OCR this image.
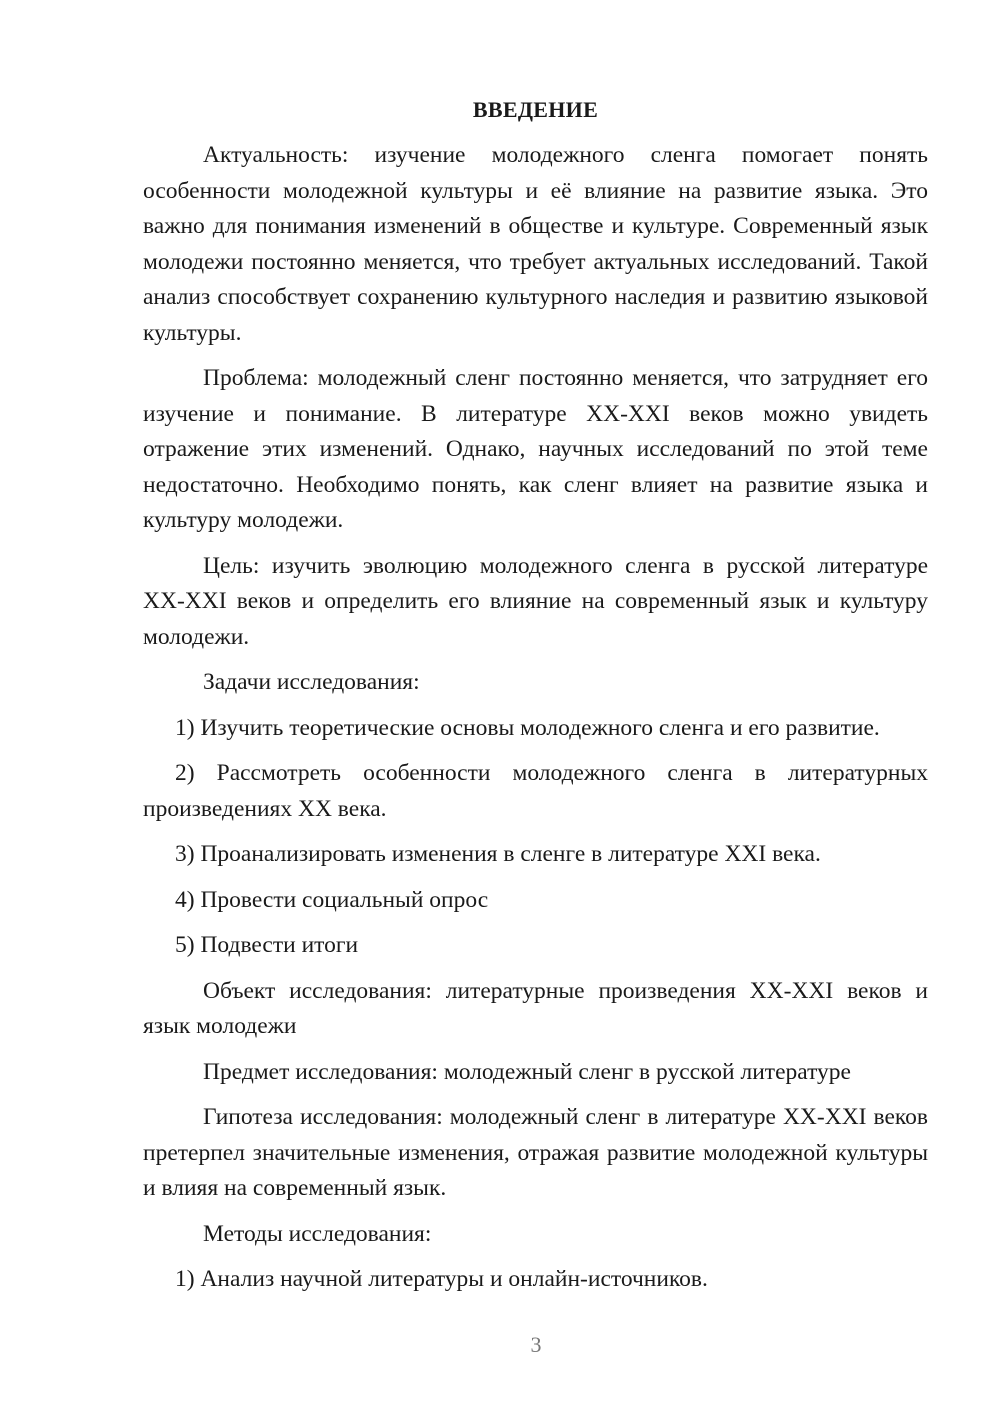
ВВЕДЕНИЕ

Актуальность: изучение молодежного сленга помогает понять особенности молодежной культуры и её влияние на развитие языка. Это важно для понимания изменений в обществе и культуре. Современный язык молодежи постоянно меняется, что требует актуальных исследований. Такой анализ способствует сохранению культурного наследия и развитию языковой культуры.

Проблема: молодежный сленг постоянно меняется, что затрудняет его изучение и понимание. В литературе XX-XXI веков можно увидеть отражение этих изменений. Однако, научных исследований по этой теме недостаточно. Необходимо понять, как сленг влияет на развитие языка и культуру молодежи.

Цель: изучить эволюцию молодежного сленга в русской литературе XX-XXI веков и определить его влияние на современный язык и культуру молодежи.

Задачи исследования:

1) Изучить теоретические основы молодежного сленга и его развитие.

2) Рассмотреть особенности молодежного сленга в литературных произведениях XX века.

3) Проанализировать изменения в сленге в литературе XXI века.

4) Провести социальный опрос

5) Подвести итоги

Объект исследования: литературные произведения XX-XXI веков и язык молодежи

Предмет исследования: молодежный сленг в русской литературе

Гипотеза исследования: молодежный сленг в литературе XX-XXI веков претерпел значительные изменения, отражая развитие молодежной культуры и влияя на современный язык.

Методы исследования:

1) Анализ научной литературы и онлайн-источников.

3
